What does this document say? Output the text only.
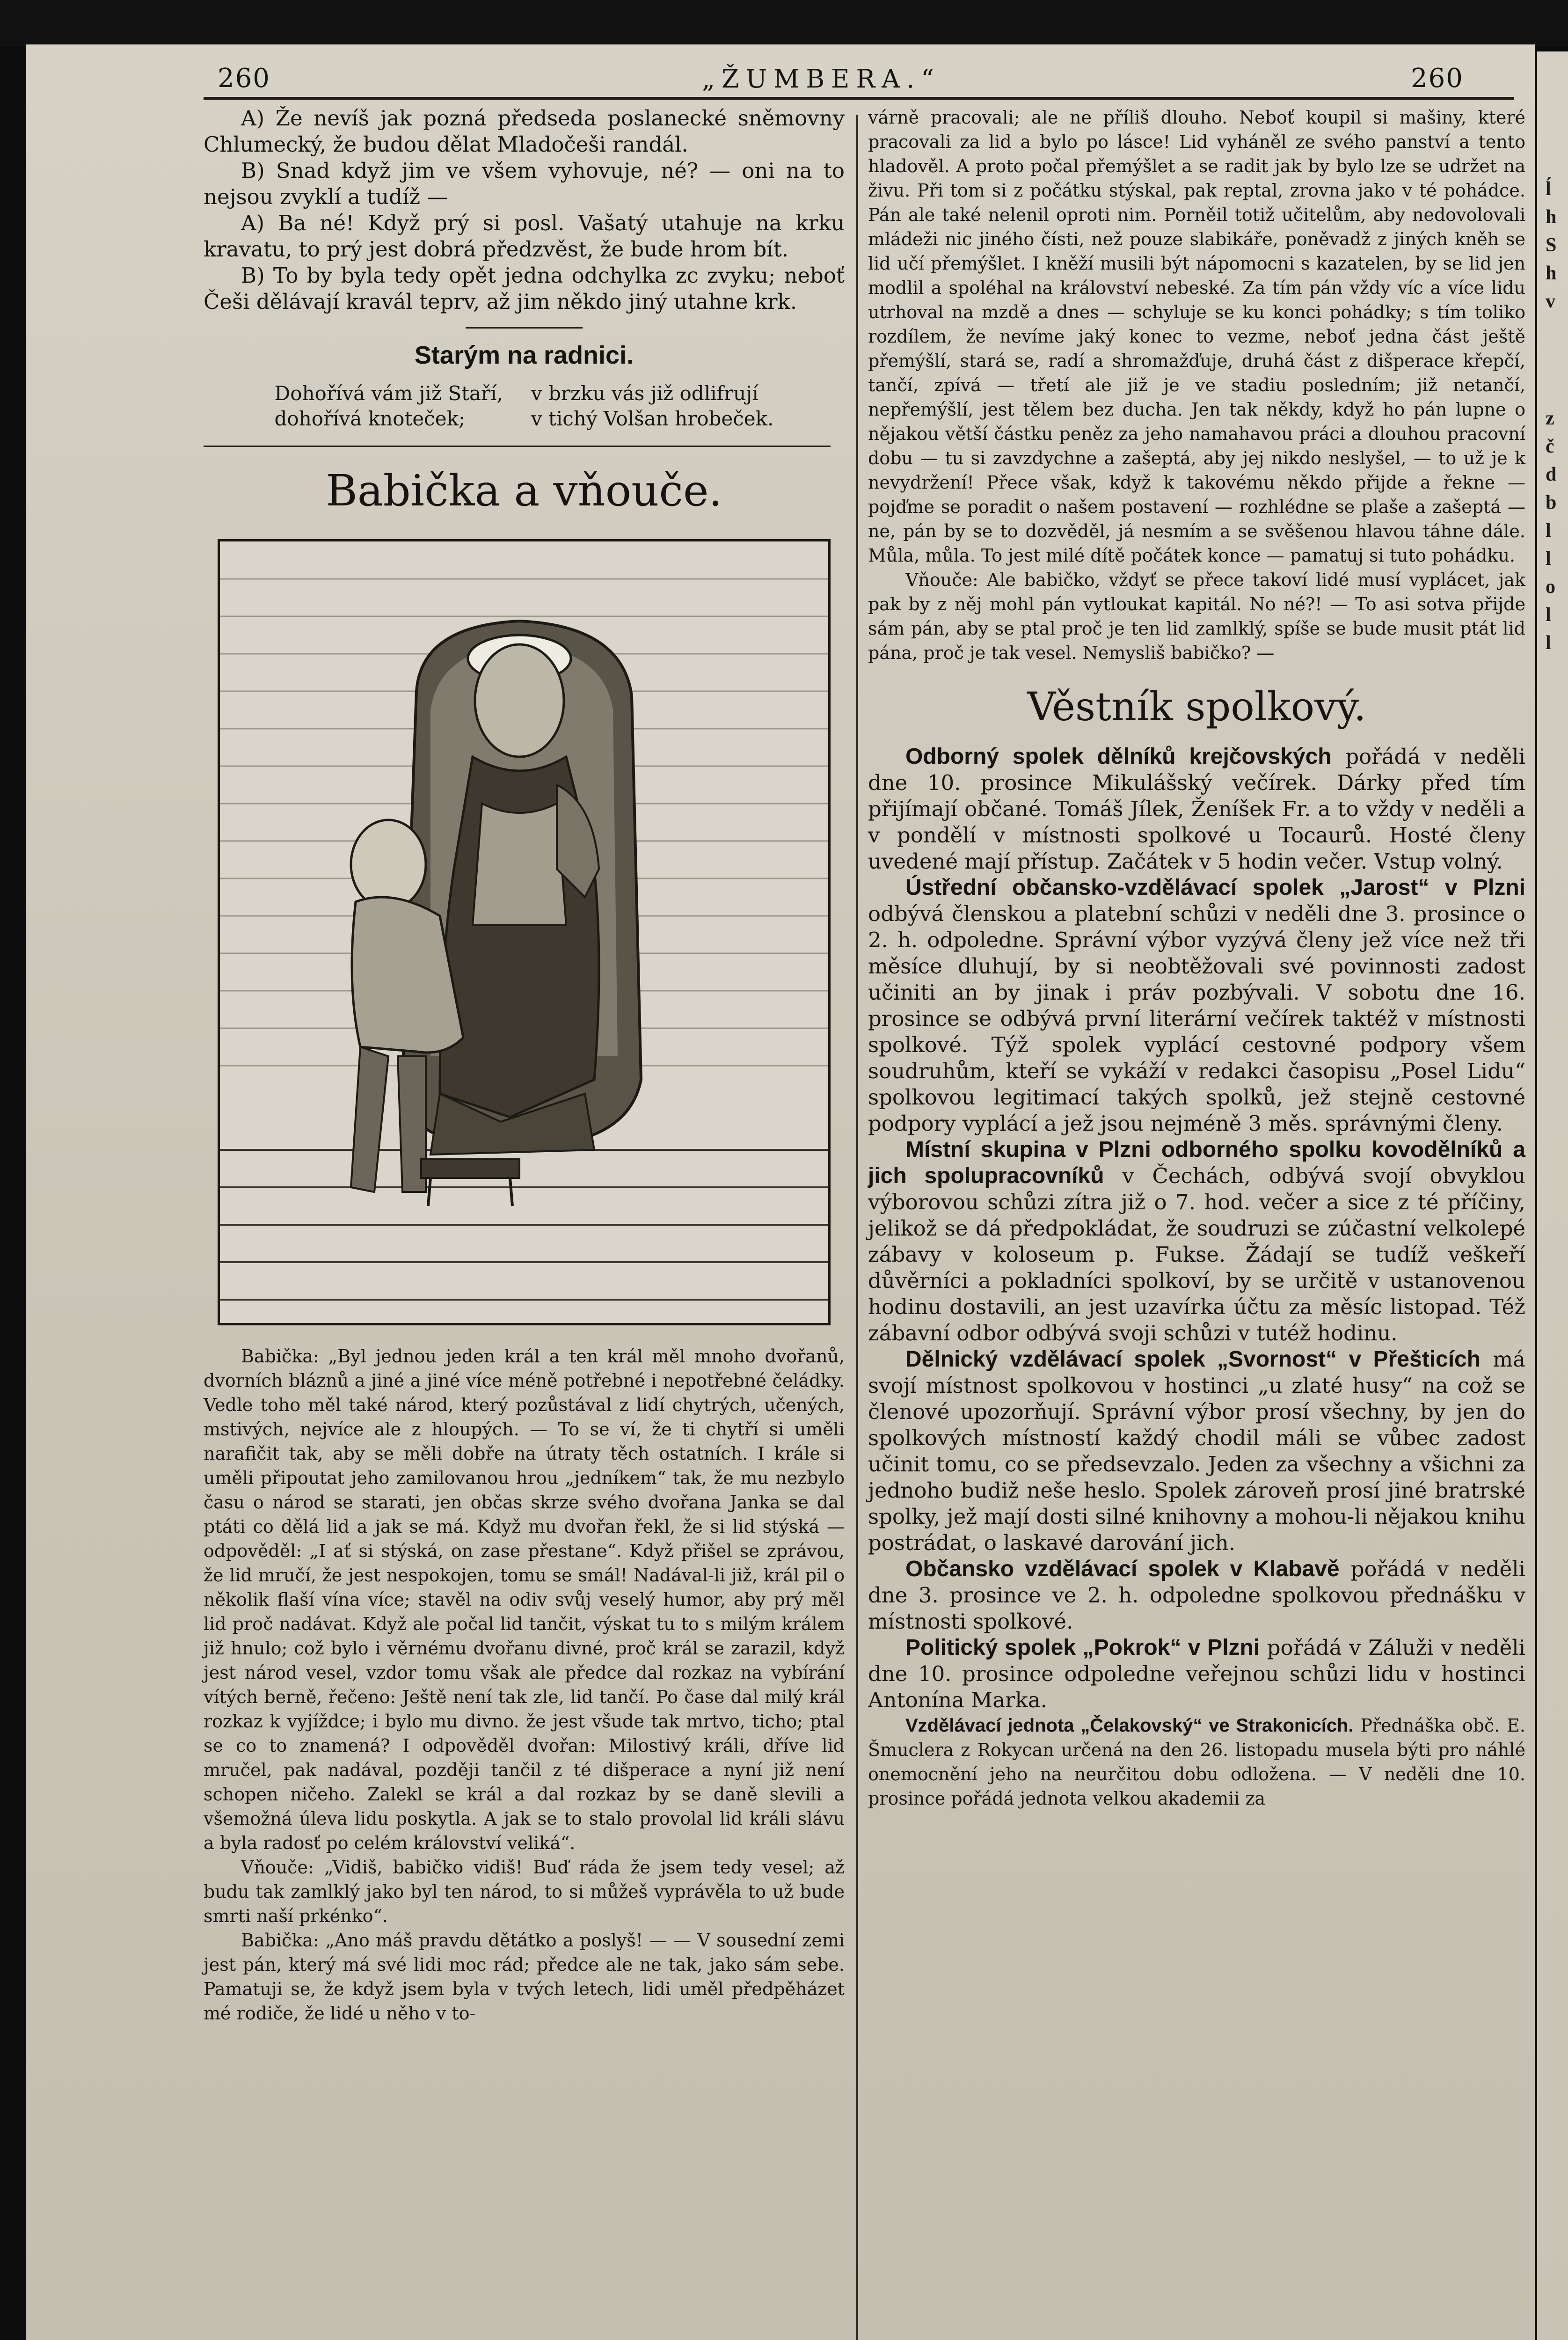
260	„ŽUMBERA.“	260

A) Že nevíš jak pozná předseda poslanecké sněmovny Chlumecký, že budou dělat Mladočeši randál.

B) Snad když jim ve všem vyhovuje, né? — oni na to nejsou zvyklí a tudíž —

A) Ba né! Když prý si posl. Vašatý utahuje na krku kravatu, to prý jest dobrá předzvěst, že bude hrom bít.

B) To by byla tedy opět jedna odchylka zc zvyku; neboť Češi dělávají kravál teprv, až jim někdo jiný utahne krk.

Starým na radnici.
Dohořívá vám již Staří,
dohořívá knoteček;
v brzku vás již odlifrují
v tichý Volšan hrobeček.
Babička a vňouče.

Babička: „Byl jednou jeden král a ten král měl mnoho dvořanů, dvorních bláznů a jiné a jiné více méně potřebné i nepotřebné čeládky. Vedle toho měl také národ, který pozůstával z lidí chytrých, učených, mstivých, nejvíce ale z hloupých. — To se ví, že ti chytří si uměli narafičit tak, aby se měli dobře na útraty těch ostatních. I krále si uměli připoutat jeho zamilovanou hrou „jedníkem“ tak, že mu nezbylo času o národ se starati, jen občas skrze svého dvořana Janka se dal ptáti co dělá lid a jak se má. Když mu dvořan řekl, že si lid stýská — odpověděl: „I ať si stýská, on zase přestane“. Když přišel se zprávou, že lid mručí, že jest nespokojen, tomu se smál! Nadával-li již, král pil o několik flaší vína více; stavěl na odiv svůj veselý humor, aby prý měl lid proč nadávat. Když ale počal lid tančit, výskat tu to s milým králem již hnulo; což bylo i věrnému dvořanu divné, proč král se zarazil, když jest národ vesel, vzdor tomu však ale předce dal rozkaz na vybírání vítých berně, řečeno: Ještě není tak zle, lid tančí. Po čase dal milý král rozkaz k vyjíždce; i bylo mu divno. že jest všude tak mrtvo, ticho; ptal se co to znamená? I odpověděl dvořan: Milostivý králi, dříve lid mručel, pak nadával, později tančil z té dišperace a nyní již není schopen ničeho. Zalekl se král a dal rozkaz by se daně slevili a všemožná úleva lidu poskytla. A jak se to stalo provolal lid králi slávu a byla radosť po celém království veliká“.

Vňouče: „Vidiš, babičko vidiš! Buď ráda že jsem tedy vesel; až budu tak zamlklý jako byl ten národ, to si můžeš vyprávěla to už bude smrti naší prkénko“.

Babička: „Ano máš pravdu dětátko a poslyš! — — V sousední zemi jest pán, který má své lidi moc rád; předce ale ne tak, jako sám sebe. Pamatuji se, že když jsem byla v tvých letech, lidi uměl předpěházet mé rodiče, že lidé u něho v to-

várně pracovali; ale ne příliš dlouho. Neboť koupil si mašiny, které pracovali za lid a bylo po lásce! Lid vyháněl ze svého panství a tento hladověl. A proto počal přemýšlet a se radit jak by bylo lze se udržet na živu. Při tom si z počátku stýskal, pak reptal, zrovna jako v té pohádce. Pán ale také nelenil oproti nim. Porněil totiž učitelům, aby nedovolovali mládeži nic jiného čísti, než pouze slabikáře, poněvadž z jiných kněh se lid učí přemýšlet. I kněží musili být nápomocni s kazatelen, by se lid jen modlil a spoléhal na království nebeské. Za tím pán vždy víc a více lidu utrhoval na mzdě a dnes — schyluje se ku konci pohádky; s tím toliko rozdílem, že nevíme jaký konec to vezme, neboť jedna část ještě přemýšlí, stará se, radí a shromažďuje, druhá část z dišperace křepčí, tančí, zpívá — třetí ale již je ve stadiu posledním; již netančí, nepřemýšlí, jest tělem bez ducha. Jen tak někdy, když ho pán lupne o nějakou větší částku peněz za jeho namahavou práci a dlouhou pracovní dobu — tu si zavzdychne a zašeptá, aby jej nikdo neslyšel, — to už je k nevydržení! Přece však, když k takovému někdo přijde a řekne — pojďme se poradit o našem postavení — rozhlédne se plaše a zašeptá — ne, pán by se to dozvěděl, já nesmím a se svěšenou hlavou táhne dále. Můla, můla. To jest milé dítě počátek konce — pamatuj si tuto pohádku.

Vňouče: Ale babičko, vždyť se přece takoví lidé musí vyplácet, jak pak by z něj mohl pán vytloukat kapitál. No né?! — To asi sotva přijde sám pán, aby se ptal proč je ten lid zamlklý, spíše se bude musit ptát lid pána, proč je tak vesel. Nemysliš babičko? —

Věstník spolkový.

Odborný spolek dělníků krejčovských pořádá v neděli dne 10. prosince Mikulášský večírek. Dárky před tím přijímají občané. Tomáš Jílek, Ženíšek Fr. a to vždy v neděli a v pondělí v místnosti spolkové u Tocaurů. Hosté členy uvedené mají přístup. Začátek v 5 hodin večer. Vstup volný.

Ústřední občansko-vzdělávací spolek „Jarost“ v Plzni odbývá členskou a platební schůzi v neděli dne 3. prosince o 2. h. odpoledne. Správní výbor vyzývá členy jež více než tři měsíce dluhují, by si neobtěžovali své povinnosti zadost učiniti an by jinak i práv pozbývali. V sobotu dne 16. prosince se odbývá první literární večírek taktéž v místnosti spolkové. Týž spolek vyplácí cestovné podpory všem soudruhům, kteří se vykáží v redakci časopisu „Posel Lidu“ spolkovou legitimací takých spolků, jež stejně cestovné podpory vyplácí a jež jsou nejméně 3 měs. správnými členy.

Místní skupina v Plzni odborného spolku kovodělníků a jich spolupracovníků v Čechách, odbývá svojí obvyklou výborovou schůzi zítra již o 7. hod. večer a sice z té příčiny, jelikož se dá předpokládat, že soudruzi se zúčastní velkolepé zábavy v koloseum p. Fukse. Žádají se tudíž veškeří důvěrníci a pokladníci spolkoví, by se určitě v ustanovenou hodinu dostavili, an jest uzavírka účtu za měsíc listopad. Též zábavní odbor odbývá svoji schůzi v tutéž hodinu.

Dělnický vzdělávací spolek „Svornost“ v Přešticích má svojí místnost spolkovou v hostinci „u zlaté husy“ na což se členové upozorňují. Správní výbor prosí všechny, by jen do spolkových místností každý chodil máli se vůbec zadost učinit tomu, co se předsevzalo. Jeden za všechny a všichni za jednoho budiž neše heslo. Spolek zároveň prosí jiné bratrské spolky, jež mají dosti silné knihovny a mohou-li nějakou knihu postrádat, o laskavé darování jich.

Občansko vzdělávací spolek v Klabavě pořádá v neděli dne 3. prosince ve 2. h. odpoledne spolkovou přednášku v místnosti spolkové.

Politický spolek „Pokrok“ v Plzni pořádá v Záluži v neděli dne 10. prosince odpoledne veřejnou schůzi lidu v hostinci Antonína Marka.

Vzdělávací jednota „Čelakovský“ ve Strakonicích. Přednáška obč. E. Šmuclera z Rokycan určená na den 26. listopadu musela býti pro náhlé onemocnění jeho na neurčitou dobu odložena. — V neděli dne 10. prosince pořádá jednota velkou akademii za

ĺ
h
S
h
v
z
č
d
b
l
l
o
l
l
